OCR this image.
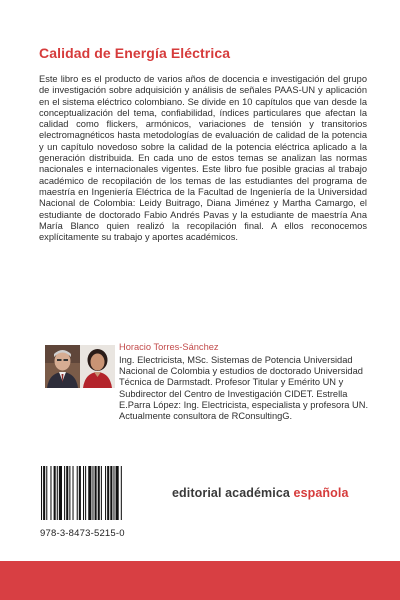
Calidad de Energía Eléctrica
Este libro es el producto de varios años de docencia e investigación del grupo de investigación sobre adquisición y análisis de señales PAAS-UN y aplicación en el sistema eléctrico colombiano. Se divide en 10 capítulos que van desde la conceptualización del tema, confiabilidad, índices particulares que afectan la calidad como flickers, armónicos, variaciones de tensión y transitorios electromagnéticos hasta metodologías de evaluación de calidad de la potencia y un capítulo novedoso sobre la calidad de la potencia eléctrica aplicado a la generación distribuida. En cada uno de estos temas se analizan las normas nacionales e internacionales vigentes. Este libro fue posible gracias al trabajo académico de recopilación de los temas de las estudiantes del programa de maestría en Ingeniería Eléctrica de la Facultad de Ingeniería de la Universidad Nacional de Colombia: Leidy Buitrago, Diana Jiménez y Martha Camargo, el estudiante de doctorado Fabio Andrés Pavas y la estudiante de maestría Ana María Blanco quien realizó la recopilación final. A ellos reconocemos explícitamente su trabajo y aportes académicos.
Horacio Torres-Sánchez
Ing. Electricista, MSc. Sistemas de Potencia Universidad Nacional de Colombia y estudios de doctorado Universidad Técnica de Darmstadt. Profesor Titular y Emérito UN y Subdirector del Centro de Investigación CIDET. Estrella E.Parra López: Ing. Electricista, especialista y profesora UN. Actualmente consultora de RConsultingG.
978-3-8473-5215-0
editorial académica española
